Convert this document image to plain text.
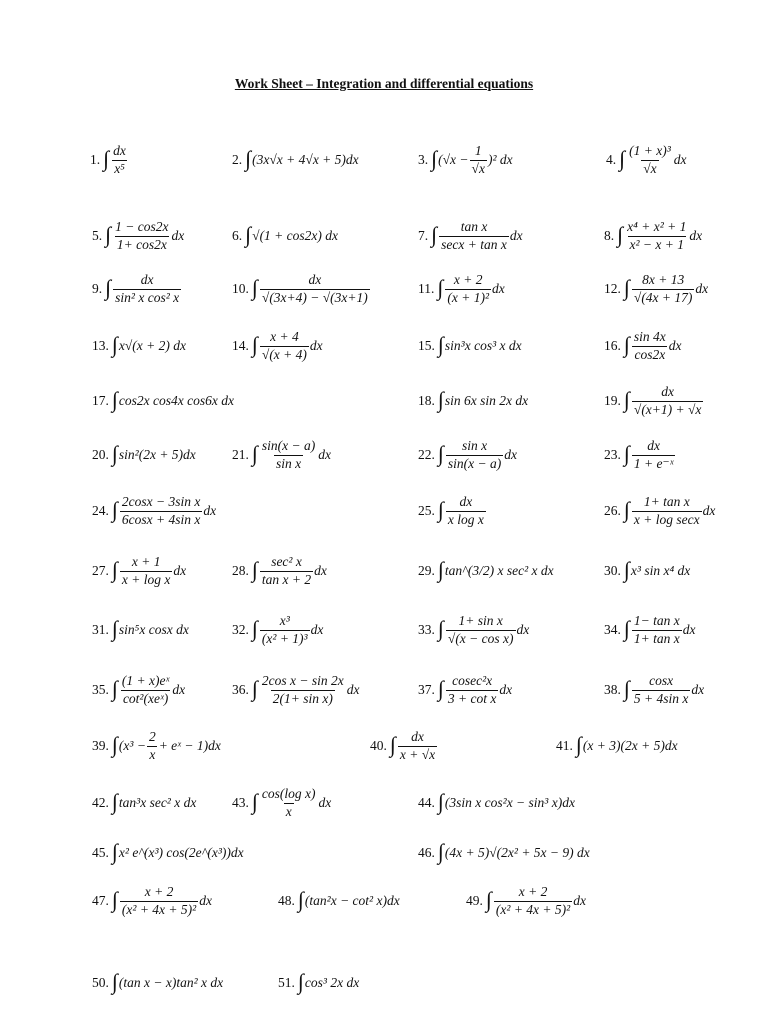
Work Sheet – Integration and differential equations
1. ∫ $\frac{dx}{\text{x⁵}}$	2. ∫ (3x√x + 4√x + 5)dx	3. ∫ $(√x - \frac{1}{√x} )^2$ dx	4. ∫ $\frac{\text{(1 + x)³}}{√x}$ dx
5. ∫ $\frac{1 - \cos 2x}{1+ \cos 2x}$ dx	6. ∫ √(1 + cos2x) dx	7. ∫ $\frac{\text{tan x}}{\text{secx + tan x}}$ dx	8. ∫ $\frac{\text{x⁴ + x² + 1}}{\text{x² − x + 1}}$ dx
9. ∫ $\frac{dx}{\text{sin² x cos² x}}$	10. ∫ $\frac{dx}{√(3x+4) - √(3x+1)}$	11. ∫ $\frac{x + 2}{\text{(x + 1)²}}$ dx	12. ∫ $\frac{8x + 13}{√(4x + 17)}$ dx
13. ∫ x√(x + 2) dx	14. ∫ $\frac{x + 4}{√(x + 4)}$ dx	15. ∫ sin³x cos³ x dx	16. ∫ $\frac{\sin 4x}{\cos 2x}$ dx
17. ∫ cos2x cos4x cos6x dx	18. ∫ sin 6x sin 2x dx	19. ∫ $\frac{dx}{√(x+1) + √x}$
20. ∫ sin²(2x + 5)dx	21. ∫ $\frac{\sin(x - a)}{\text{sin x}}$ dx	22. ∫ $\frac{\text{sin x}}{\sin(x - a)}$ dx	23. ∫ $\frac{dx}{\text{1 + e⁻ˣ}}$
24. ∫ $\frac{\text{2cosx − 3sin x}}{\text{6cosx + 4sin x}}$ dx	25. ∫ $\frac{dx}{\text{x log x}}$	26. ∫ $\frac{\text{1+ tan x}}{\text{x + log secx}}$ dx
27. ∫ $\frac{x + 1}{\text{x + log x}}$ dx	28. ∫ $\frac{\text{sec² x}}{\text{tan x + 2}}$ dx	29. ∫ tan^(3/2) x sec² x dx	30. ∫ x³ sin x⁴ dx
31. ∫ sin⁵x cosx dx	32. ∫ $\frac{\text{x³}}{\text{(x² + 1)³}}$ dx	33. ∫ $\frac{\text{1+ sin x}}{\text{√(x − cos x)}}$ dx	34. ∫ $\frac{\text{1− tan x}}{\text{1+ tan x}}$ dx
35. ∫ $\frac{\text{(1 + x)eˣ}}{\text{cot²(xeˣ)}}$ dx	36. ∫ $\frac{\text{2cos x − sin 2x}}{\text{2(1+ sin x)}}$ dx	37. ∫ $\frac{\text{cosec²x}}{\text{3 + cot x}}$ dx	38. ∫ $\frac{\cos x}{\text{5 + 4sin x}}$ dx
39. ∫ ($x^3 - \frac{2}{x}$ + eˣ − 1)dx	40. ∫ $\frac{dx}{x + √x}$	41. ∫ (x + 3)(2x + 5)dx
42. ∫ tan³x sec² x dx	43. ∫ $\frac{\text{cos(log x)}}{x}$ dx	44. ∫ (3sin x cos²x − sin³ x)dx
45. ∫ x² e^(x³) cos(2e^(x³))dx	46. ∫ (4x + 5)√(2x² + 5x − 9) dx
47. ∫ $\frac{x + 2}{\text{(x² + 4x + 5)²}}$ dx	48. ∫ (tan²x − cot² x)dx	49. ∫ $\frac{x + 2}{\text{(x² + 4x + 5)²}}$ dx
50. ∫ (tan x − x)tan² x dx	51. ∫ cos³ 2x dx
